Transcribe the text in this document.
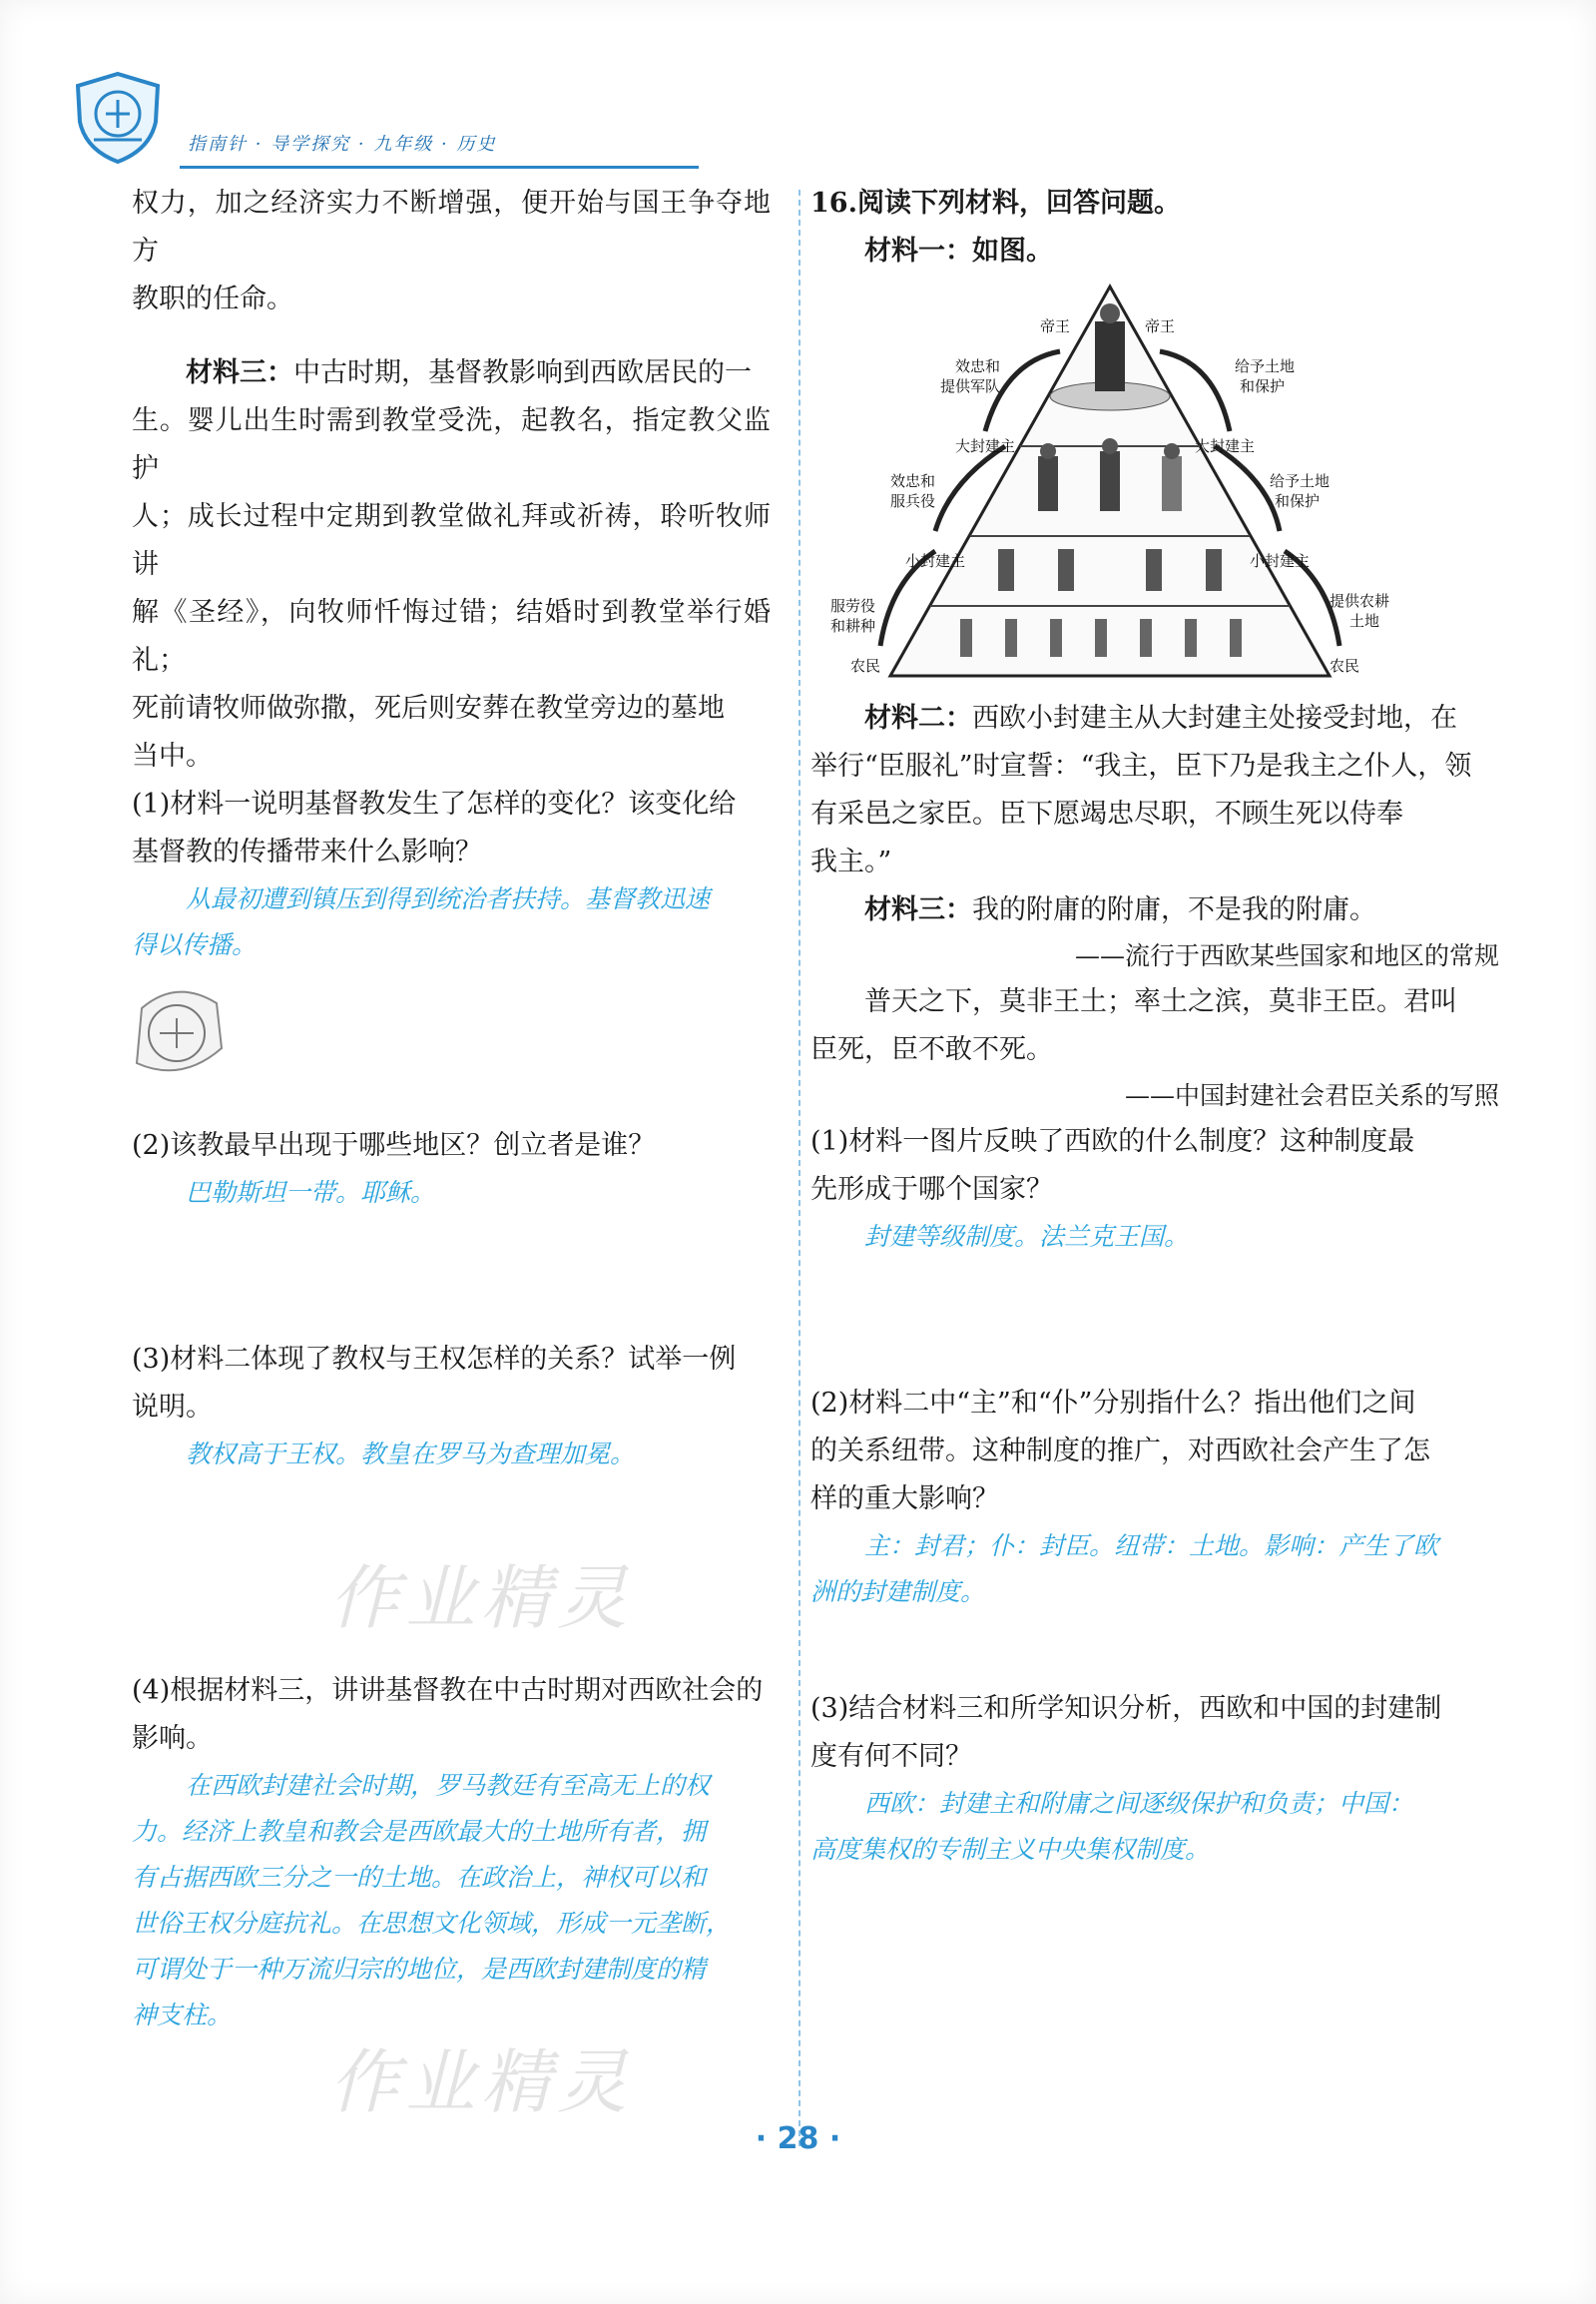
指南针 · 导学探究 · 九年级 · 历史
作业精灵
作业精灵

权力，加之经济实力不断增强，便开始与国王争夺地方

教职的任命。

材料三：中古时期，基督教影响到西欧居民的一

生。婴儿出生时需到教堂受洗，起教名，指定教父监护

人；成长过程中定期到教堂做礼拜或祈祷，聆听牧师讲

解《圣经》，向牧师忏悔过错；结婚时到教堂举行婚礼；

死前请牧师做弥撒，死后则安葬在教堂旁边的墓地

当中。

(1)材料一说明基督教发生了怎样的变化？该变化给

基督教的传播带来什么影响？

从最初遭到镇压到得到统治者扶持。基督教迅速

得以传播。

(2)该教最早出现于哪些地区？创立者是谁？

巴勒斯坦一带。耶稣。

(3)材料二体现了教权与王权怎样的关系？试举一例

说明。

教权高于王权。教皇在罗马为查理加冕。

(4)根据材料三，讲讲基督教在中古时期对西欧社会的

影响。

在西欧封建社会时期，罗马教廷有至高无上的权

力。经济上教皇和教会是西欧最大的土地所有者，拥

有占据西欧三分之一的土地。在政治上，神权可以和

世俗王权分庭抗礼。在思想文化领域，形成一元垄断，

可谓处于一种万流归宗的地位，是西欧封建制度的精

神支柱。

16.阅读下列材料，回答问题。

材料一：如图。

帝王	帝王
效忠和
提供军队
给予土地
和保护
大封建主	大封建主
效忠和
服兵役
给予土地
和保护
小封建主	小封建主
服劳役
和耕种
提供农耕
土地
农民	农民

材料二：西欧小封建主从大封建主处接受封地，在

举行“臣服礼”时宣誓：“我主，臣下乃是我主之仆人，领

有采邑之家臣。臣下愿竭忠尽职，不顾生死以侍奉

我主。”

材料三：我的附庸的附庸，不是我的附庸。

——流行于西欧某些国家和地区的常规

普天之下，莫非王土；率土之滨，莫非王臣。君叫

臣死，臣不敢不死。

——中国封建社会君臣关系的写照

(1)材料一图片反映了西欧的什么制度？这种制度最

先形成于哪个国家？

封建等级制度。法兰克王国。

(2)材料二中“主”和“仆”分别指什么？指出他们之间

的关系纽带。这种制度的推广，对西欧社会产生了怎

样的重大影响？

主：封君；仆：封臣。纽带：土地。影响：产生了欧

洲的封建制度。

(3)结合材料三和所学知识分析，西欧和中国的封建制

度有何不同？

西欧：封建主和附庸之间逐级保护和负责；中国：

高度集权的专制主义中央集权制度。

· 28 ·
